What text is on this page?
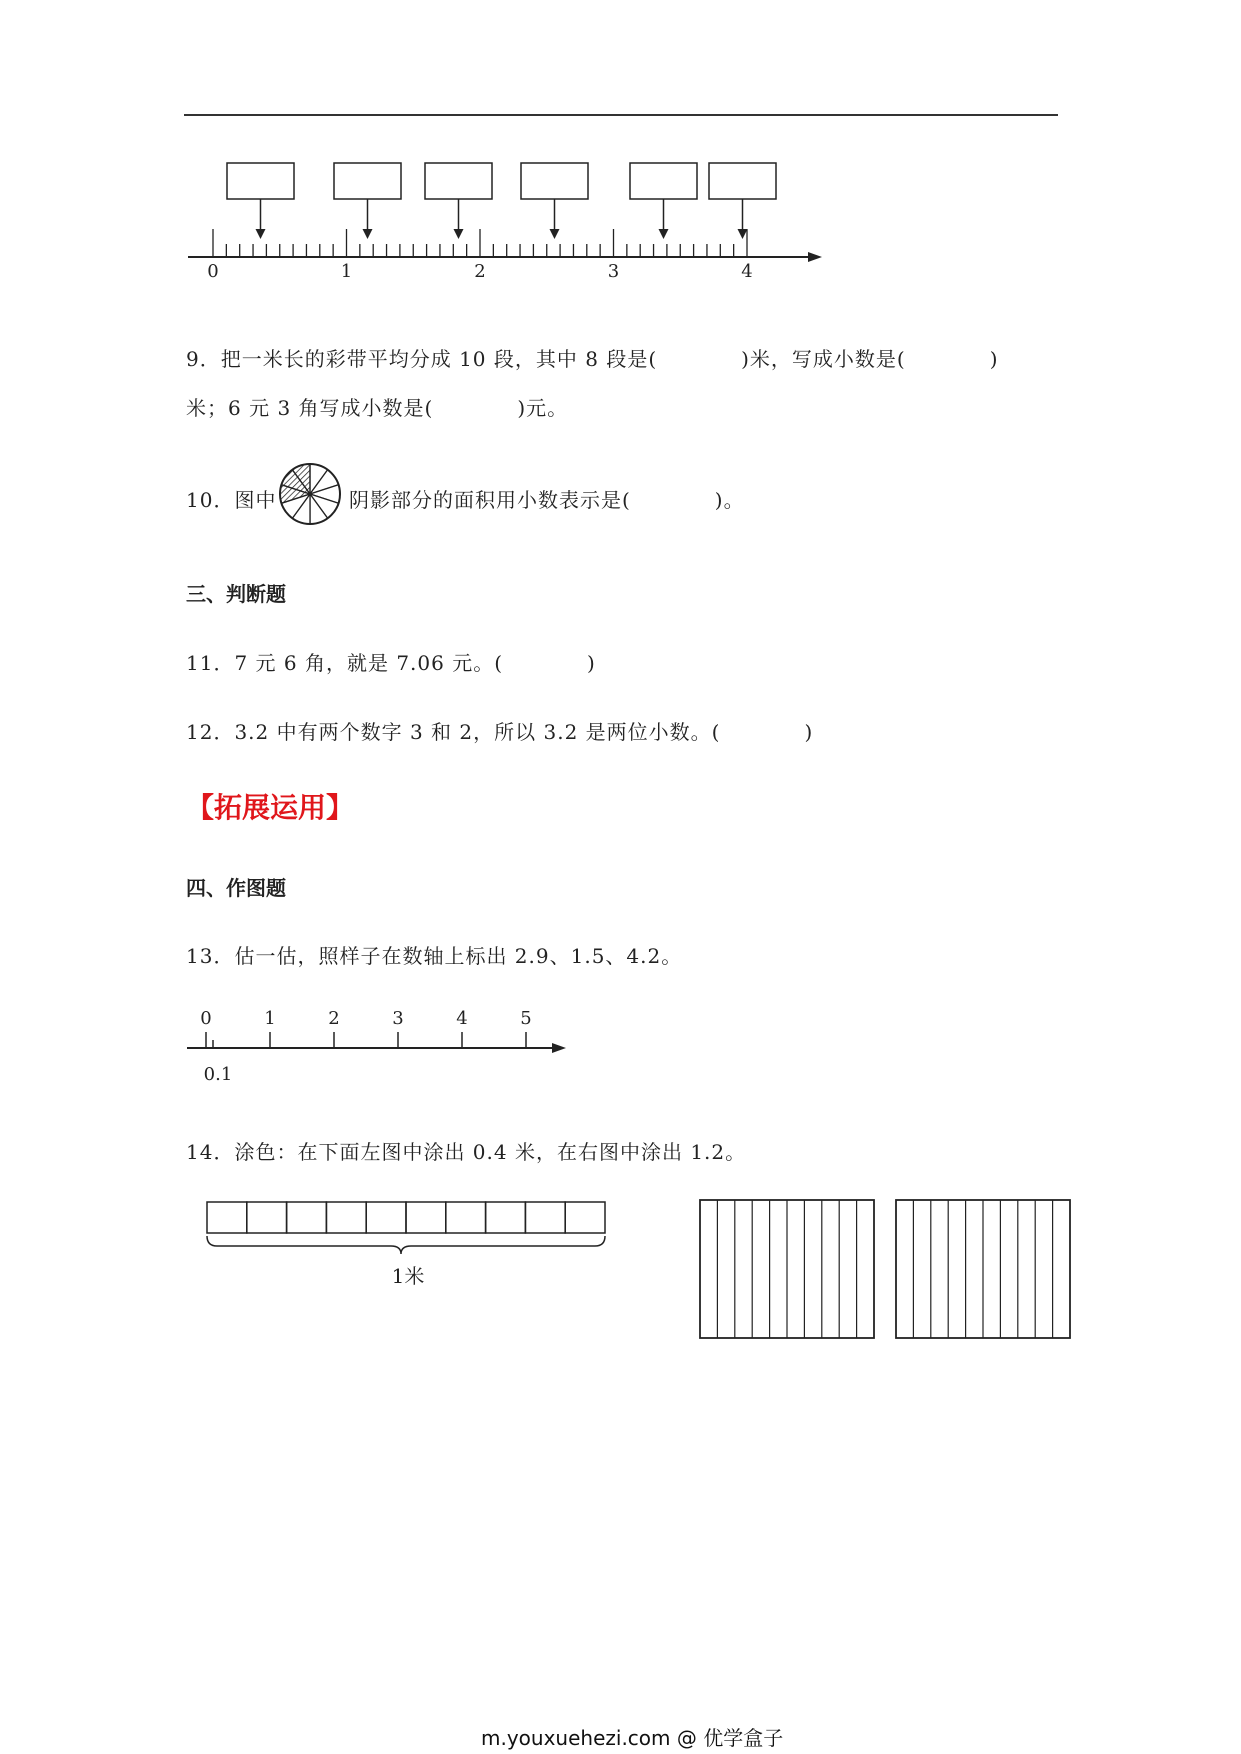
0	1	2	3	4
9．把一米长的彩带平均分成 10 段，其中 8 段是(　　　　)米，写成小数是(　　　　)
米；6 元 3 角写成小数是(　　　　)元。
10．图中	阴影部分的面积用小数表示是(　　　　)。
三、判断题
11．7 元 6 角，就是 7.06 元。(　　　　)
12．3.2 中有两个数字 3 和 2，所以 3.2 是两位小数。(　　　　)
【拓展运用】
四、作图题
13．估一估，照样子在数轴上标出 2.9、1.5、4.2。
0	1	2	3	4	5
0.1
14．涂色：在下面左图中涂出 0.4 米，在右图中涂出 1.2。
1米
m.youxuehezi.com @ 优学盒子
